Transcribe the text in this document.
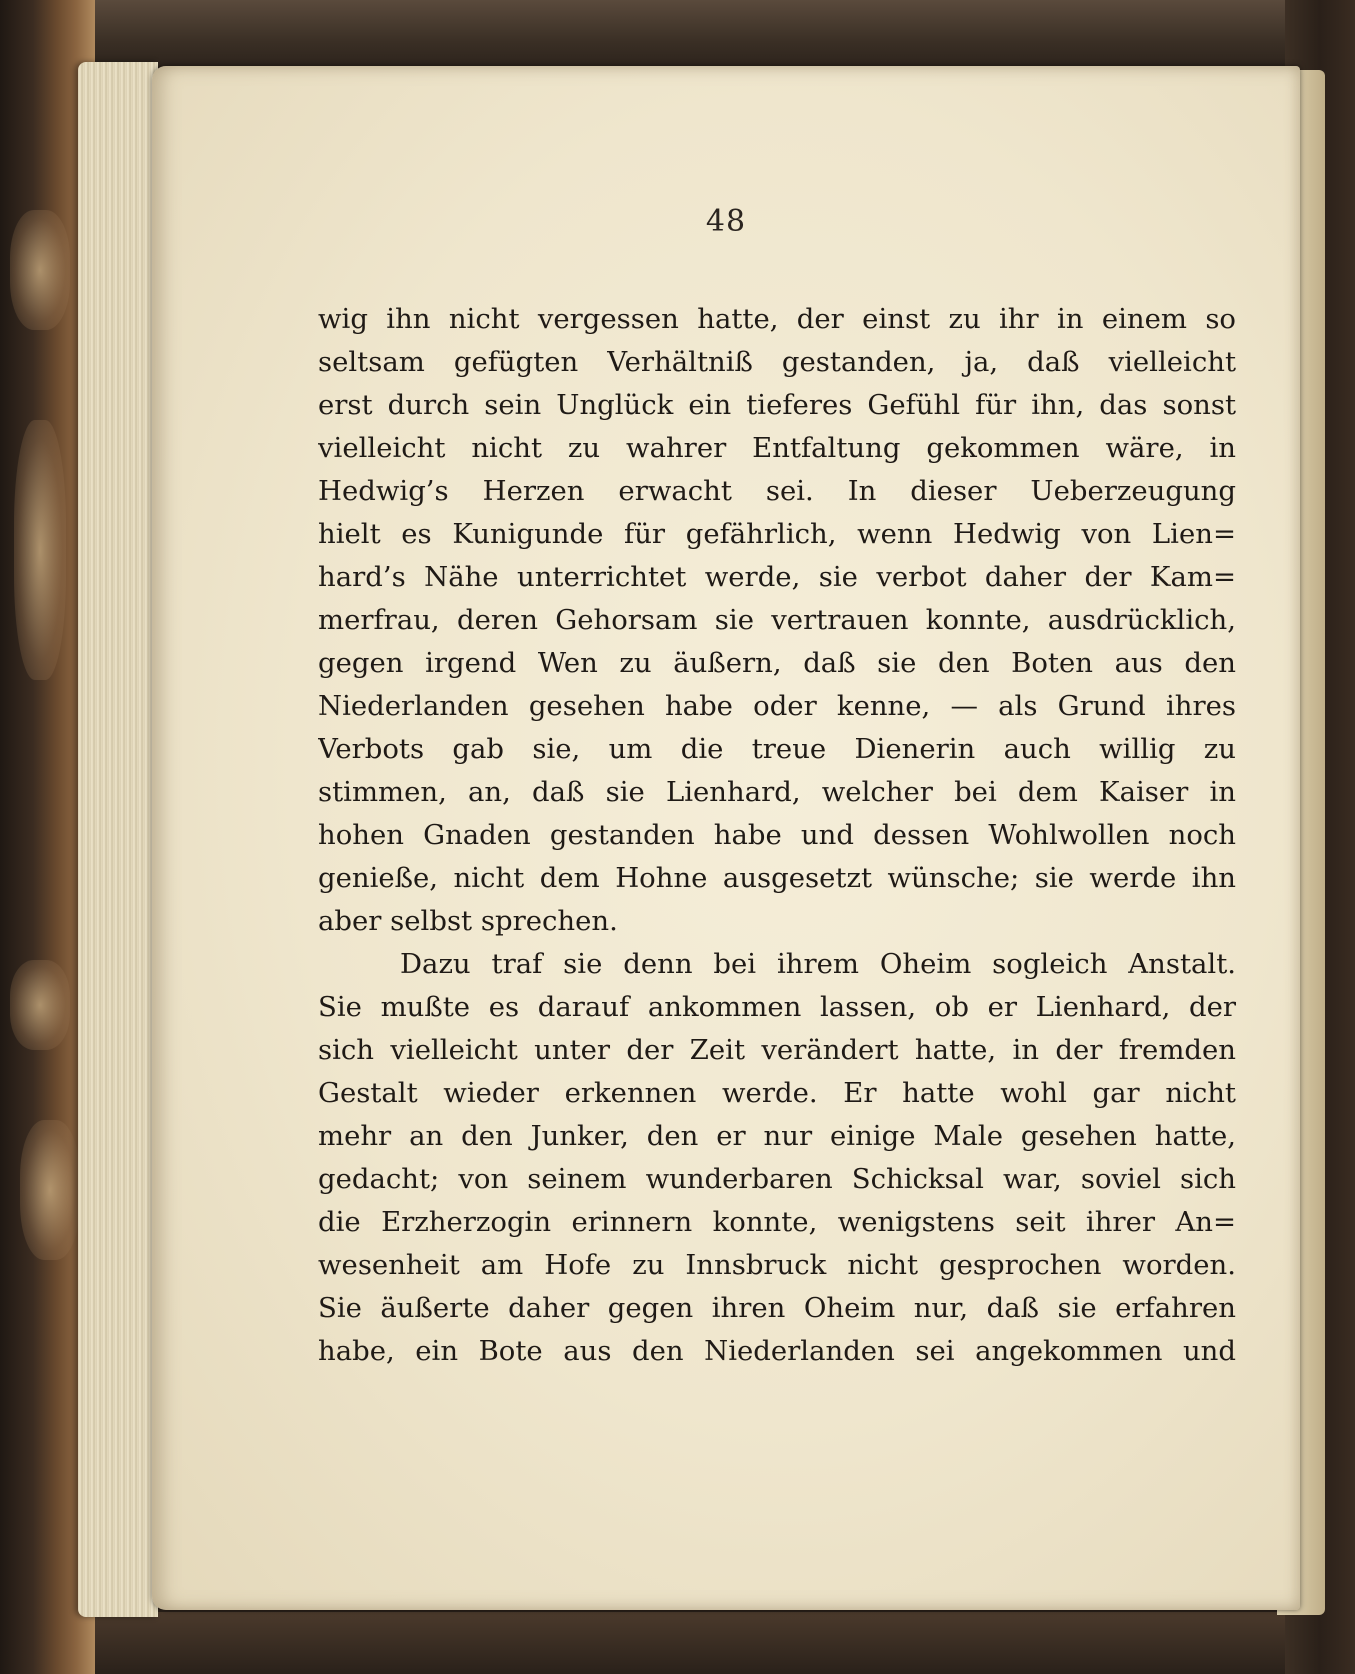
48
wig ihn nicht vergessen hatte, der einst zu ihr in einem so
seltsam gefügten Verhältniß gestanden, ja, daß vielleicht
erst durch sein Unglück ein tieferes Gefühl für ihn, das sonst
vielleicht nicht zu wahrer Entfaltung gekommen wäre, in
Hedwig’s Herzen erwacht sei. In dieser Ueberzeugung
hielt es Kunigunde für gefährlich, wenn Hedwig von Lien=
hard’s Nähe unterrichtet werde, sie verbot daher der Kam=
merfrau, deren Gehorsam sie vertrauen konnte, ausdrücklich,
gegen irgend Wen zu äußern, daß sie den Boten aus den
Niederlanden gesehen habe oder kenne, — als Grund ihres
Verbots gab sie, um die treue Dienerin auch willig zu
stimmen, an, daß sie Lienhard, welcher bei dem Kaiser in
hohen Gnaden gestanden habe und dessen Wohlwollen noch
genieße, nicht dem Hohne ausgesetzt wünsche; sie werde ihn
aber selbst sprechen.
Dazu traf sie denn bei ihrem Oheim sogleich Anstalt.
Sie mußte es darauf ankommen lassen, ob er Lienhard, der
sich vielleicht unter der Zeit verändert hatte, in der fremden
Gestalt wieder erkennen werde. Er hatte wohl gar nicht
mehr an den Junker, den er nur einige Male gesehen hatte,
gedacht; von seinem wunderbaren Schicksal war, soviel sich
die Erzherzogin erinnern konnte, wenigstens seit ihrer An=
wesenheit am Hofe zu Innsbruck nicht gesprochen worden.
Sie äußerte daher gegen ihren Oheim nur, daß sie erfahren
habe, ein Bote aus den Niederlanden sei angekommen und
